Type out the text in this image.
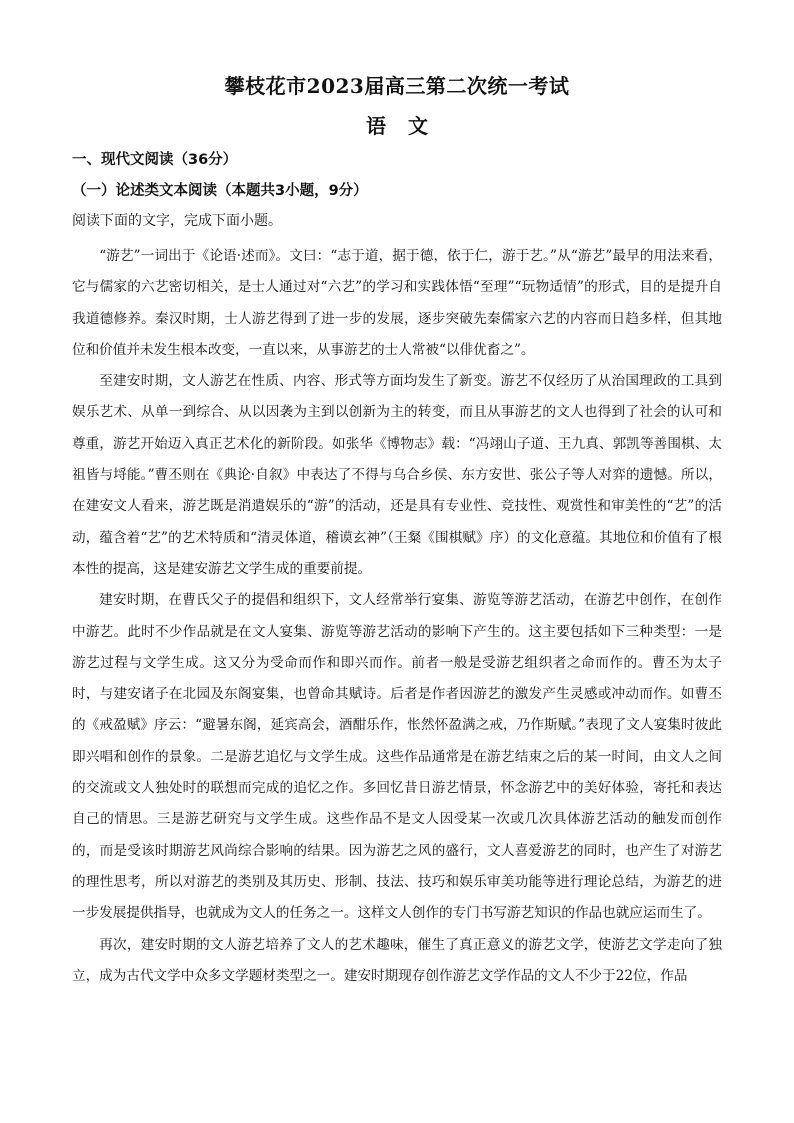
攀枝花市2023届高三第二次统一考试
语 文
一、现代文阅读（36分）
（一）论述类文本阅读（本题共3小题，9分）
阅读下面的文字，完成下面小题。

“游艺”一词出于《论语·述而》。文曰：“志于道，据于德，依于仁，游于艺。”从“游艺”最早的用法来看，它与儒家的六艺密切相关，是士人通过对“六艺”的学习和实践体悟“至理”“玩物适情”的形式，目的是提升自我道德修养。秦汉时期，士人游艺得到了进一步的发展，逐步突破先秦儒家六艺的内容而日趋多样，但其地位和价值并未发生根本改变，一直以来，从事游艺的士人常被“以俳优畜之”。

至建安时期，文人游艺在性质、内容、形式等方面均发生了新变。游艺不仅经历了从治国理政的工具到娱乐艺术、从单一到综合、从以因袭为主到以创新为主的转变，而且从事游艺的文人也得到了社会的认可和尊重，游艺开始迈入真正艺术化的新阶段。如张华《博物志》载：“冯翊山子道、王九真、郭凯等善围棋、太祖皆与埒能。”曹丕则在《典论·自叙》中表达了不得与乌合乡侯、东方安世、张公子等人对弈的遗憾。所以，在建安文人看来，游艺既是消遣娱乐的“游”的活动，还是具有专业性、竞技性、观赏性和审美性的“艺”的活动，蕴含着“艺”的艺术特质和“清灵体道，稽谟玄神”（王粲《围棋赋》序）的文化意蕴。其地位和价值有了根本性的提高，这是建安游艺文学生成的重要前提。

建安时期，在曹氏父子的提倡和组织下，文人经常举行宴集、游览等游艺活动，在游艺中创作，在创作中游艺。此时不少作品就是在文人宴集、游览等游艺活动的影响下产生的。这主要包括如下三种类型：一是游艺过程与文学生成。这又分为受命而作和即兴而作。前者一般是受游艺组织者之命而作的。曹丕为太子时，与建安诸子在北园及东阁宴集，也曾命其赋诗。后者是作者因游艺的激发产生灵感或冲动而作。如曹丕的《戒盈赋》序云：“避暑东阁，延宾高会，酒酣乐作，怅然怀盈满之戒，乃作斯赋。”表现了文人宴集时彼此即兴唱和创作的景象。二是游艺追忆与文学生成。这些作品通常是在游艺结束之后的某一时间，由文人之间的交流或文人独处时的联想而完成的追忆之作。多回忆昔日游艺情景，怀念游艺中的美好体验，寄托和表达自己的情思。三是游艺研究与文学生成。这些作品不是文人因受某一次或几次具体游艺活动的触发而创作的，而是受该时期游艺风尚综合影响的结果。因为游艺之风的盛行，文人喜爱游艺的同时，也产生了对游艺的理性思考，所以对游艺的类别及其历史、形制、技法、技巧和娱乐审美功能等进行理论总结，为游艺的进一步发展提供指导，也就成为文人的任务之一。这样文人创作的专门书写游艺知识的作品也就应运而生了。

再次，建安时期的文人游艺培养了文人的艺术趣味，催生了真正意义的游艺文学，使游艺文学走向了独立，成为古代文学中众多文学题材类型之一。建安时期现存创作游艺文学作品的文人不少于22位，作品
